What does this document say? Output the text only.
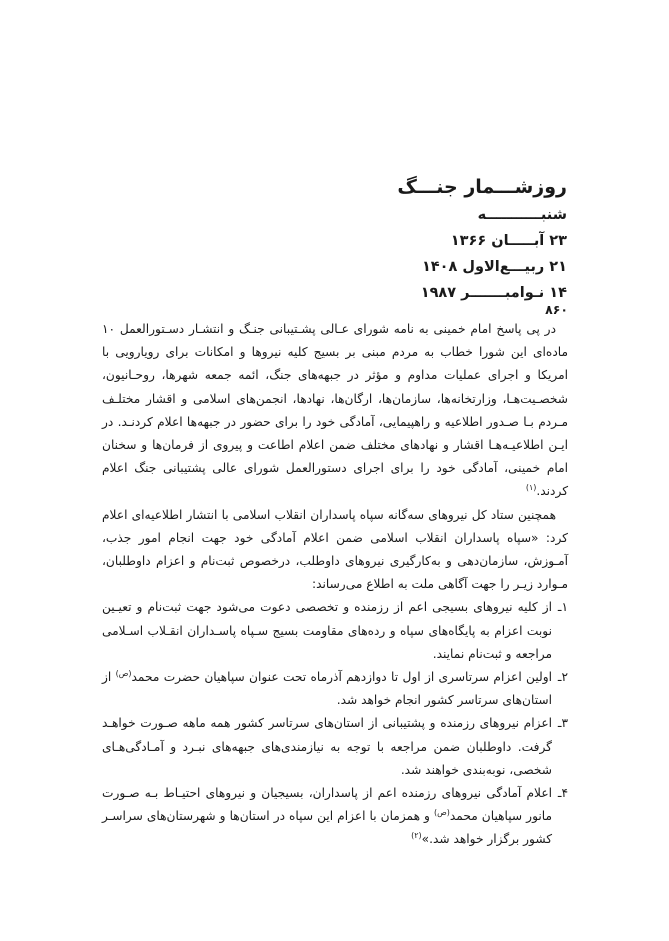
روزشـــمار جنـــگ
شنبـــــــــــه
۲۳ آبـــــان ۱۳۶۶
۲۱ ربیـــع‌الاول ۱۴۰۸
۱۴ نـوامبـــــــر ۱۹۸۷
۸۶۰

در پی پاسخ امام خمینی به نامه شورای عـالی پشـتیبانی جنـگ و انتشـار دسـتورالعمل ۱۰ ماده‌ای این شورا خطاب به مردم مبنی بر بسیج کلیه نیروها و امکانات برای رویارویی با امریکا و اجرای عملیات مداوم و مؤثر در جبهه‌های جنگ، ائمه جمعه شهرها، روحـانیون، شخصـیت‌هـا، وزارتخانه‌ها، سازمان‌ها، ارگان‌ها، نهادها، انجمن‌های اسلامی و اقشار مختلـف مـردم بـا صـدور اطلاعیه و راهپیمایی، آمادگی خود را برای حضور در جبهه‌ها اعلام کردنـد. در ایـن اطلاعیـه‌هـا اقشار و نهادهای مختلف ضمن اعلام اطاعت و پیروی از فرمان‌ها و سخنان امام خمینی، آمادگی خود را برای اجرای دستورالعمل شورای عالی پشتیبانی جنگ اعلام کردند.$^{(۱)}$

همچنین ستاد کل نیروهای سه‌گانه سپاه پاسداران انقلاب اسلامی با انتشار اطلاعیه‌ای اعلام کرد: «سپاه پاسداران انقلاب اسلامی ضمن اعلام آمادگی خود جهت انجام امور جذب، آمـوزش، سازمان‌دهی و به‌کارگیری نیروهای داوطلب، درخصوص ثبت‌نام و اعزام داوطلبان، مـوارد زیـر را جهت آگاهی ملت به اطلاع می‌رساند:

۱ـ
از کلیه نیروهای بسیجی اعم از رزمنده و تخصصی دعوت می‌شود جهت ثبت‌نام و تعیـین نوبت اعزام به پایگاه‌های سپاه و رده‌های مقاومت بسیج سـپاه پاسـداران انقـلاب اسـلامی مراجعه و ثبت‌نام نمایند.
۲ـ
اولین اعزام سرتاسری از اول تا دوازدهم آذرماه تحت عنوان سپاهیان حضرت محمد$^{(ص)}$ از استان‌های سرتاسر کشور انجام خواهد شد.
۳ـ
اعزام نیروهای رزمنده و پشتیبانی از استان‌های سرتاسر کشور همه ماهه صـورت خواهـد گرفت. داوطلبان ضمن مراجعه با توجه به نیازمندی‌های جبهه‌های نبـرد و آمـادگی‌هـای شخصی، نوبه‌بندی خواهند شد.
۴ـ
اعلام آمادگی نیروهای رزمنده اعم از پاسداران، بسیجیان و نیروهای احتیـاط بـه صـورت مانور سپاهیان محمد$^{(ص)}$ و همزمان با اعزام این سپاه در استان‌ها و شهرستان‌های سراسـر کشور برگزار خواهد شد.»$^{(۲)}$
